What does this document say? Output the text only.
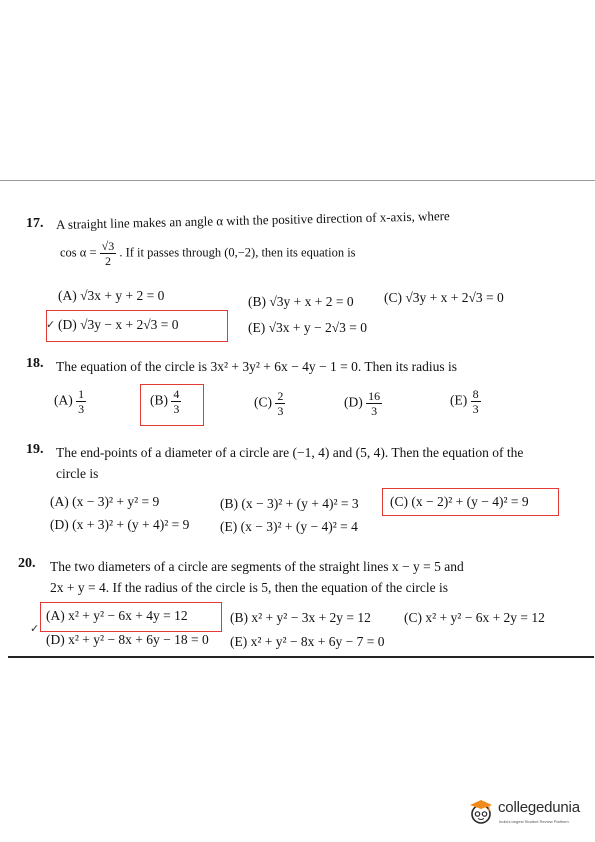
17. A straight line makes an angle α with the positive direction of x-axis, where
$\cos \alpha = \frac{√3}{2}$ . If it passes through (0,−2), then its equation is
(A) √3x + y + 2 = 0	(B) √3y + x + 2 = 0 (C) √3y + x + 2√3 = 0
✓ (D) √3y − x + 2√3 = 0	(E) √3x + y − 2√3 = 0
18. The equation of the circle is 3x² + 3y² + 6x − 4y − 1 = 0. Then its radius is
$(A) \frac{1}{3}$	$(B) \frac{4}{3}$	$(C) \frac{2}{3}$	$(D) \frac{16}{3}$	$(E) \frac{8}{3}$
19. The end-points of a diameter of a circle are (−1, 4) and (5, 4). Then the equation of the
circle is
(A) (x − 3)² + y² = 9	(B) (x − 3)² + (y + 4)² = 3 (C) (x − 2)² + (y − 4)² = 9
(D) (x + 3)² + (y + 4)² = 9 (E) (x − 3)² + (y − 4)² = 4
20. The two diameters of a circle are segments of the straight lines x − y = 5 and
2x + y = 4. If the radius of the circle is 5, then the equation of the circle is
✓
(A) x² + y² − 6x + 4y = 12	(B) x² + y² − 3x + 2y = 12 (C) x² + y² − 6x + 2y = 12
(D) x² + y² − 8x + 6y − 18 = 0 (E) x² + y² − 8x + 6y − 7 = 0
collegedunia
India's largest Student Review Platform
